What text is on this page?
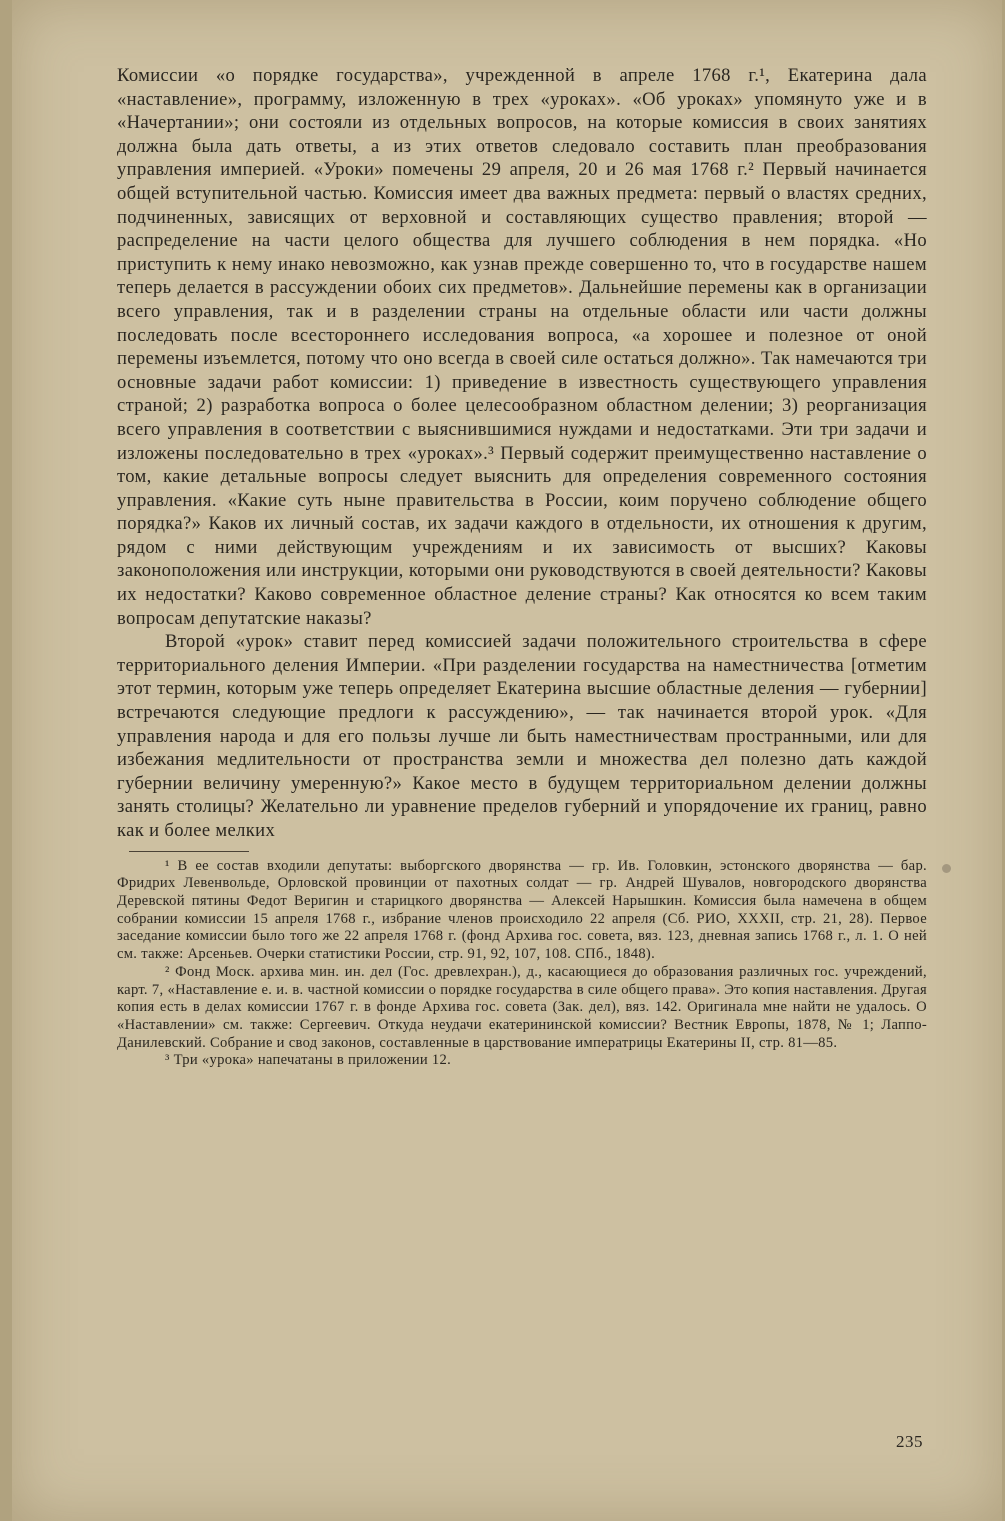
Комиссии «о порядке государства», учрежденной в апреле 1768 г.¹, Екатерина дала «наставление», программу, изложенную в трех «уроках». «Об уроках» упомянуто уже и в «Начертании»; они состояли из отдельных вопросов, на которые комиссия в своих занятиях должна была дать ответы, а из этих ответов следовало составить план преобразования управления империей. «Уроки» помечены 29 апреля, 20 и 26 мая 1768 г.² Первый начинается общей вступительной частью. Комиссия имеет два важных предмета: первый о властях средних, подчиненных, зависящих от верховной и составляющих существо правления; второй — распределение на части целого общества для лучшего соблюдения в нем порядка. «Но приступить к нему инако невозможно, как узнав прежде совершенно то, что в государстве нашем теперь делается в рассуждении обоих сих предметов». Дальнейшие перемены как в организации всего управления, так и в разделении страны на отдельные области или части должны последовать после всестороннего исследования вопроса, «а хорошее и полезное от оной перемены изъемлется, потому что оно всегда в своей силе остаться должно». Так намечаются три основные задачи работ комиссии: 1) приведение в известность существующего управления страной; 2) разработка вопроса о более целесообразном областном делении; 3) реорганизация всего управления в соответствии с выяснившимися нуждами и недостатками. Эти три задачи и изложены последовательно в трех «уроках».³ Первый содержит преимущественно наставление о том, какие детальные вопросы следует выяснить для определения современного состояния управления. «Какие суть ныне правительства в России, коим поручено соблюдение общего порядка?» Каков их личный состав, их задачи каждого в отдельности, их отношения к другим, рядом с ними действующим учреждениям и их зависимость от высших? Каковы законоположения или инструкции, которыми они руководствуются в своей деятельности? Каковы их недостатки? Каково современное областное деление страны? Как относятся ко всем таким вопросам депутатские наказы?

Второй «урок» ставит перед комиссией задачи положительного строительства в сфере территориального деления Империи. «При разделении государства на наместничества [отметим этот термин, которым уже теперь определяет Екатерина высшие областные деления — губернии] встречаются следующие предлоги к рассуждению», — так начинается второй урок. «Для управления народа и для его пользы лучше ли быть наместничествам пространными, или для избежания медлительности от пространства земли и множества дел полезно дать каждой губернии величину умеренную?» Какое место в будущем территориальном делении должны занять столицы? Желательно ли уравнение пределов губерний и упорядочение их границ, равно как и более мелких

¹ В ее состав входили депутаты: выборгского дворянства — гр. Ив. Головкин, эстонского дворянства — бар. Фридрих Левенвольде, Орловской провинции от пахотных солдат — гр. Андрей Шувалов, новгородского дворянства Деревской пятины Федот Веригин и старицкого дворянства — Алексей Нарышкин. Комиссия была намечена в общем собрании комиссии 15 апреля 1768 г., избрание членов происходило 22 апреля (Сб. РИО, XXXII, стр. 21, 28). Первое заседание комиссии было того же 22 апреля 1768 г. (фонд Архива гос. совета, вяз. 123, дневная запись 1768 г., л. 1. О ней см. также: Арсеньев. Очерки статистики России, стр. 91, 92, 107, 108. СПб., 1848).

² Фонд Моск. архива мин. ин. дел (Гос. древлехран.), д., касающиеся до образования различных гос. учреждений, карт. 7, «Наставление е. и. в. частной комиссии о порядке государства в силе общего права». Это копия наставления. Другая копия есть в делах комиссии 1767 г. в фонде Архива гос. совета (Зак. дел), вяз. 142. Оригинала мне найти не удалось. О «Наставлении» см. также: Сергеевич. Откуда неудачи екатерининской комиссии? Вестник Европы, 1878, № 1; Лаппо-Данилевский. Собрание и свод законов, составленные в царствование императрицы Екатерины II, стр. 81—85.

³ Три «урока» напечатаны в приложении 12.

235
